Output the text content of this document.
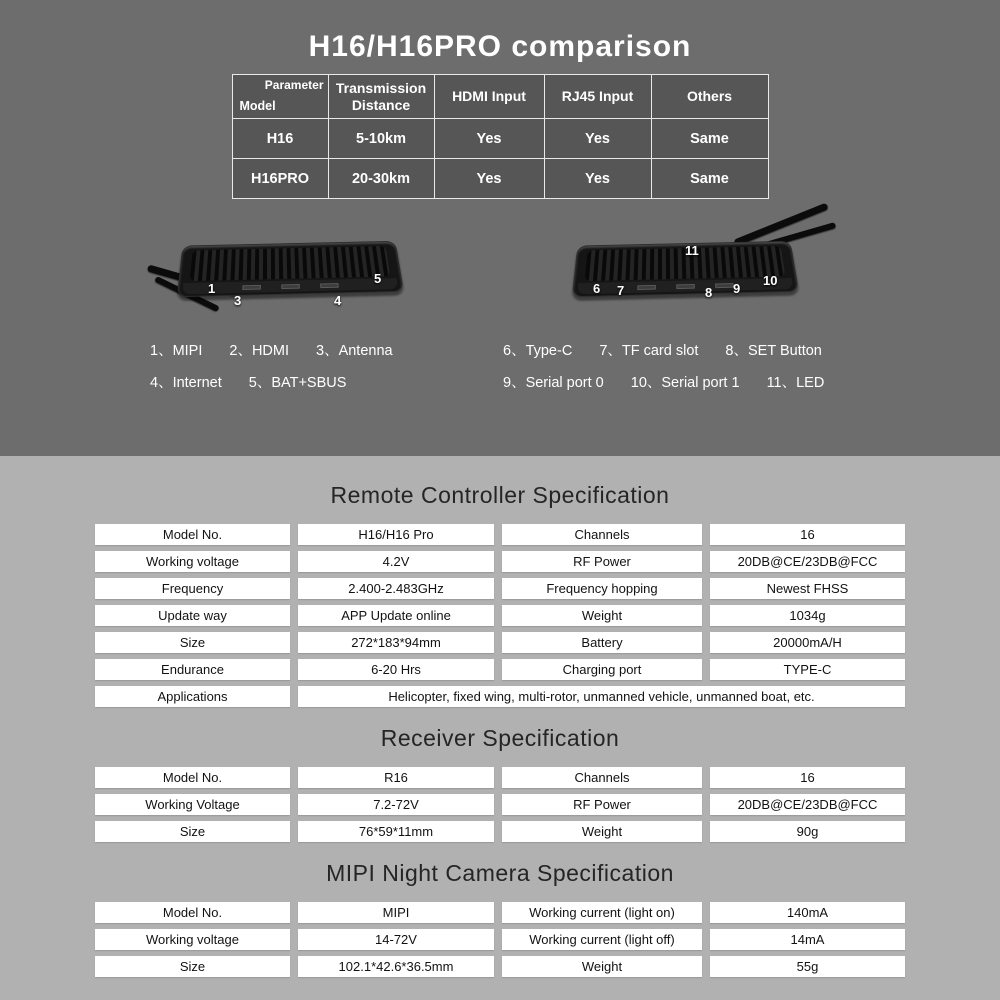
H16/H16PRO comparison
Parameter
Model	Transmission Distance	HDMI Input	RJ45 Input	Others
H16	5-10km	Yes	Yes	Same
H16PRO	20-30km	Yes	Yes	Same
1
3	4
5
11
6 7	8 9
10
1、MIPI 2、HDMI 3、Antenna
4、Internet 5、BAT+SBUS
6、Type-C 7、TF card slot 8、SET Button
9、Serial port 0 10、Serial port 1 11、LED
Remote Controller Specification
Model No.	H16/H16 Pro	Channels	16
Working voltage	4.2V	RF Power	20DB@CE/23DB@FCC
Frequency	2.400-2.483GHz	Frequency hopping	Newest FHSS
Update way	APP Update online	Weight	1034g
Size	272*183*94mm	Battery	20000mA/H
Endurance	6-20 Hrs	Charging port	TYPE-C
Applications	Helicopter, fixed wing, multi-rotor, unmanned vehicle, unmanned boat, etc.
Receiver Specification
Model No.	R16	Channels	16
Working Voltage	7.2-72V	RF Power	20DB@CE/23DB@FCC
Size	76*59*11mm	Weight	90g
MIPI Night Camera Specification
Model No.	MIPI	Working current (light on)	140mA
Working voltage	14-72V	Working current (light off)	14mA
Size	102.1*42.6*36.5mm	Weight	55g
